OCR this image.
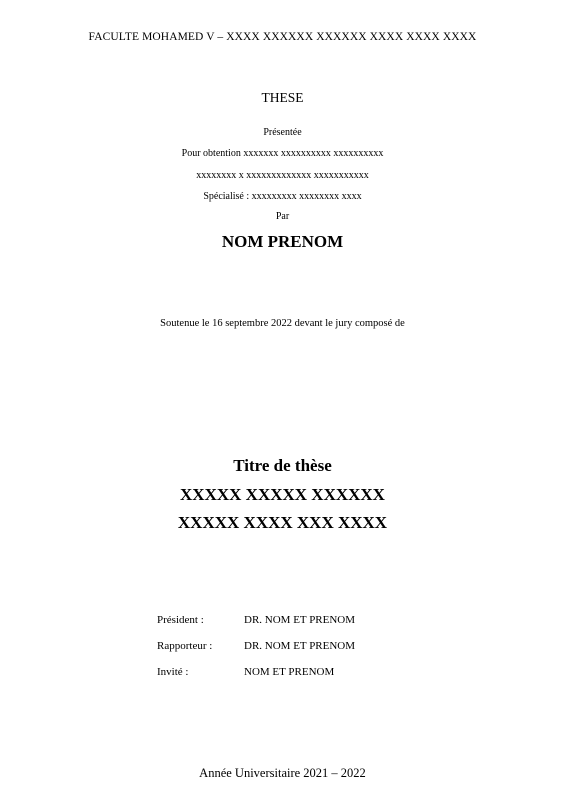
FACULTE MOHAMED V – XXXX XXXXXX XXXXXX XXXX XXXX XXXX
THESE
Présentée
Pour obtention xxxxxxx xxxxxxxxxx xxxxxxxxxx
xxxxxxxx x xxxxxxxxxxxxx xxxxxxxxxxx
Spécialisé : xxxxxxxxx xxxxxxxx xxxx
Par
NOM PRENOM
Soutenue le 16 septembre 2022 devant le jury composé de
Titre de thèse
XXXXX XXXXX XXXXXX
XXXXX XXXX XXX XXXX
Président :	DR. NOM ET PRENOM
Rapporteur :	DR. NOM ET PRENOM
Invité :	NOM ET PRENOM
Année Universitaire 2021 – 2022
